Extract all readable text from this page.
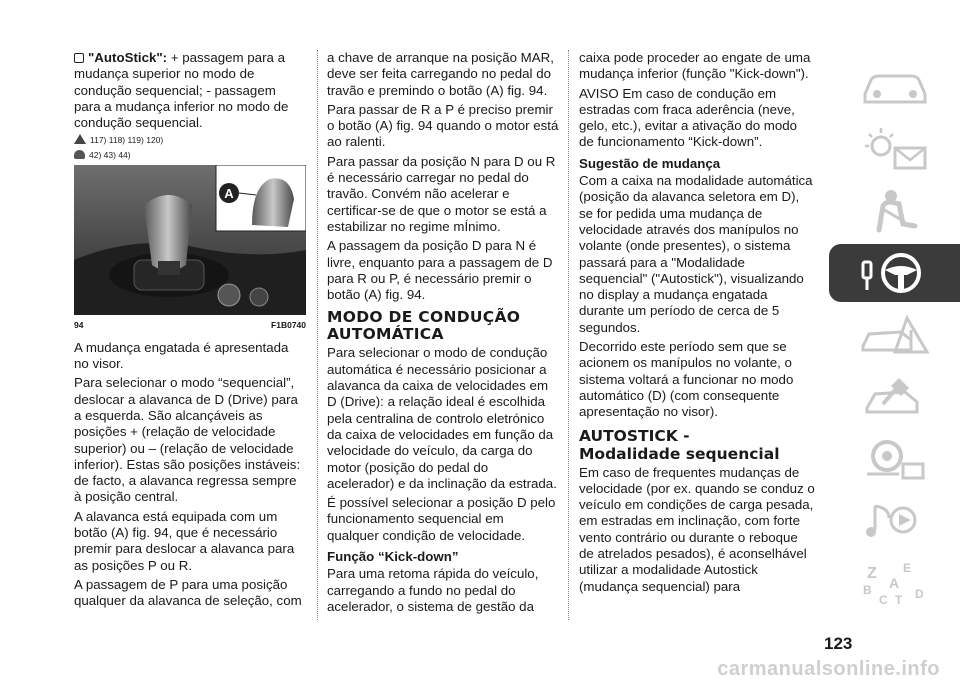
"AutoStick": + passagem para a mudança superior no modo de condução sequencial; - passagem para a mudança inferior no modo de condução sequencial.

117) 118) 119) 120)
42) 43) 44)
A
94	F1B0740

A mudança engatada é apresentada no visor.

Para selecionar o modo “sequencial”, deslocar a alavanca de D (Drive) para a esquerda. São alcançáveis as posições + (relação de velocidade superior) ou – (relação de velocidade inferior). Estas são posições instáveis: de facto, a alavanca regressa sempre à posição central.

A alavanca está equipada com um botão (A) fig. 94, que é necessário premir para deslocar a alavanca para as posições P ou R.

A passagem de P para uma posição qualquer da alavanca de seleção, com

a chave de arranque na posição MAR, deve ser feita carregando no pedal do travão e premindo o botão (A) fig. 94.

Para passar de R a P é preciso premir o botão (A) fig. 94 quando o motor está ao ralenti.

Para passar da posição N para D ou R é necessário carregar no pedal do travão. Convém não acelerar e certificar-se de que o motor se está a estabilizar no regime mÍnimo.

A passagem da posição D para N é livre, enquanto para a passagem de D para R ou P, é necessário premir o botão (A) fig. 94.

MODO DE CONDUÇÃO AUTOMÁTICA

Para selecionar o modo de condução automática é necessário posicionar a alavanca da caixa de velocidades em D (Drive): a relação ideal é escolhida pela centralina de controlo eletrónico da caixa de velocidades em função da velocidade do veículo, da carga do motor (posição do pedal do acelerador) e da inclinação da estrada.

É possível selecionar a posição D pelo funcionamento sequencial em qualquer condição de velocidade.

Função “Kick-down”

Para uma retoma rápida do veículo, carregando a fundo no pedal do acelerador, o sistema de gestão da

caixa pode proceder ao engate de uma mudança inferior (função "Kick-down").

AVISO Em caso de condução em estradas com fraca aderência (neve, gelo, etc.), evitar a ativação do modo de funcionamento “Kick-down”.

Sugestão de mudança

Com a caixa na modalidade automática (posição da alavanca seletora em D), se for pedida uma mudança de velocidade através dos manípulos no volante (onde presentes), o sistema passará para a "Modalidade sequencial" ("Autostick"), visualizando no display a mudança engatada durante um período de cerca de 5 segundos.

Decorrido este período sem que se acionem os manípulos no volante, o sistema voltará a funcionar no modo automático (D) (com consequente apresentação no visor).

AUTOSTICK -
Modalidade sequencial

Em caso de frequentes mudanças de velocidade (por ex. quando se conduz o veículo em condições de carga pesada, em estradas em inclinação, com forte vento contrário ou durante o reboque de atrelados pesados), é aconselhável utilizar a modalidade Autostick (mudança sequencial) para

Z E
B A
C T D
123
carmanualsonline.info
